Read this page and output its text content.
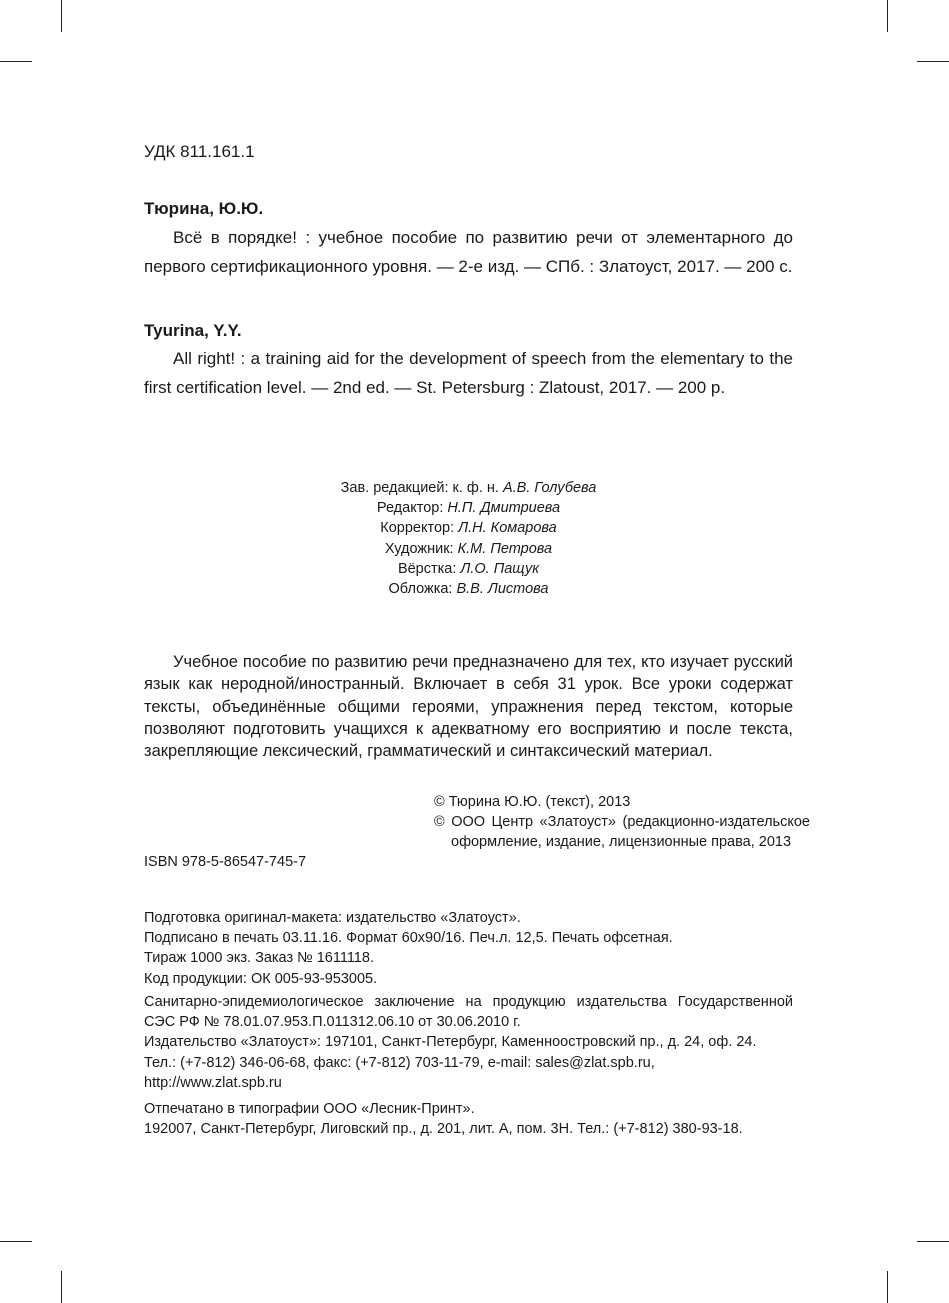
УДК 811.161.1
Тюрина, Ю.Ю.

Всё в порядке! : учебное пособие по развитию речи от элементарного до первого сертификационного уровня. — 2-е изд. — СПб. : Златоуст, 2017. — 200 с.

Tyurina, Y.Y.

All right! : a training aid for the development of speech from the elementary to the first certification level. — 2nd ed. — St. Petersburg : Zlatoust, 2017. — 200 p.

Зав. редакцией: к. ф. н. А.В. Голубева
Редактор: Н.П. Дмитриева
Корректор: Л.Н. Комарова
Художник: К.М. Петрова
Вёрстка: Л.О. Пащук
Обложка: В.В. Листова

Учебное пособие по развитию речи предназначено для тех, кто изучает русский язык как неродной/иностранный. Включает в себя 31 урок. Все уроки содержат тексты, объединённые общими героями, упражнения перед текстом, которые позволяют подготовить учащихся к адекватному его восприятию и после текста, закрепляющие лексический, грамматический и синтаксический материал.

© Тюрина Ю.Ю. (текст), 2013
© ООО Центр «Златоуст» (редакционно-издательское оформление, издание, лицензионные права, 2013
ISBN 978-5-86547-745-7
Подготовка оригинал-макета: издательство «Златоуст».
Подписано в печать 03.11.16. Формат 60х90/16. Печ.л. 12,5. Печать офсетная.
Тираж 1000 экз. Заказ № 1611118.
Код продукции: ОК 005-93-953005.
Санитарно-эпидемиологическое заключение на продукцию издательства Государственной СЭС РФ № 78.01.07.953.П.011312.06.10 от 30.06.2010 г.
Издательство «Златоуст»: 197101, Санкт-Петербург, Каменноостровский пр., д. 24, оф. 24.
Тел.: (+7-812) 346-06-68, факс: (+7-812) 703-11-79, e-mail: sales@zlat.spb.ru,
http://www.zlat.spb.ru
Отпечатано в типографии ООО «Лесник-Принт».
192007, Санкт-Петербург, Лиговский пр., д. 201, лит. А, пом. 3Н. Тел.: (+7-812) 380-93-18.
